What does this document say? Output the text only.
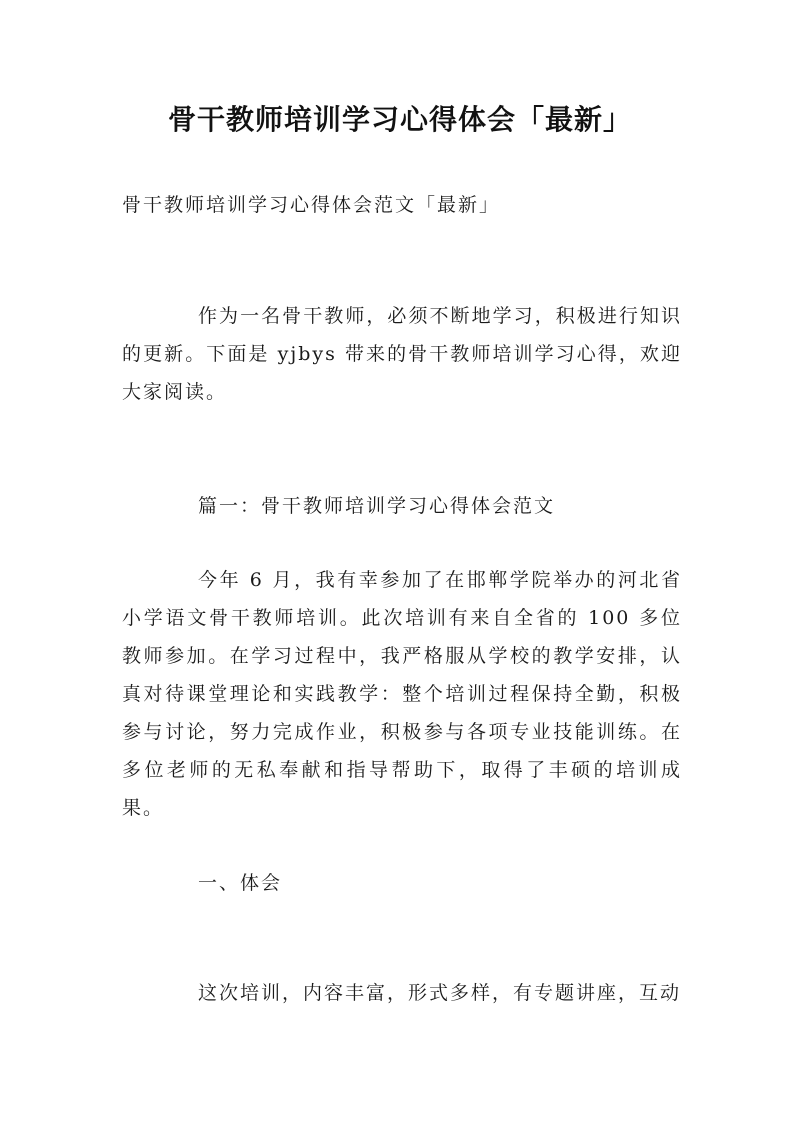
骨干教师培训学习心得体会「最新」

骨干教师培训学习心得体会范文「最新」

作为一名骨干教师，必须不断地学习，积极进行知识的更新。下面是 yjbys 带来的骨干教师培训学习心得，欢迎大家阅读。

篇一：骨干教师培训学习心得体会范文

今年 6 月，我有幸参加了在邯郸学院举办的河北省小学语文骨干教师培训。此次培训有来自全省的 100 多位教师参加。在学习过程中，我严格服从学校的教学安排，认真对待课堂理论和实践教学：整个培训过程保持全勤，积极参与讨论，努力完成作业，积极参与各项专业技能训练。在多位老师的无私奉献和指导帮助下，取得了丰硕的培训成果。

一、体会

这次培训，内容丰富，形式多样，有专题讲座，互动
